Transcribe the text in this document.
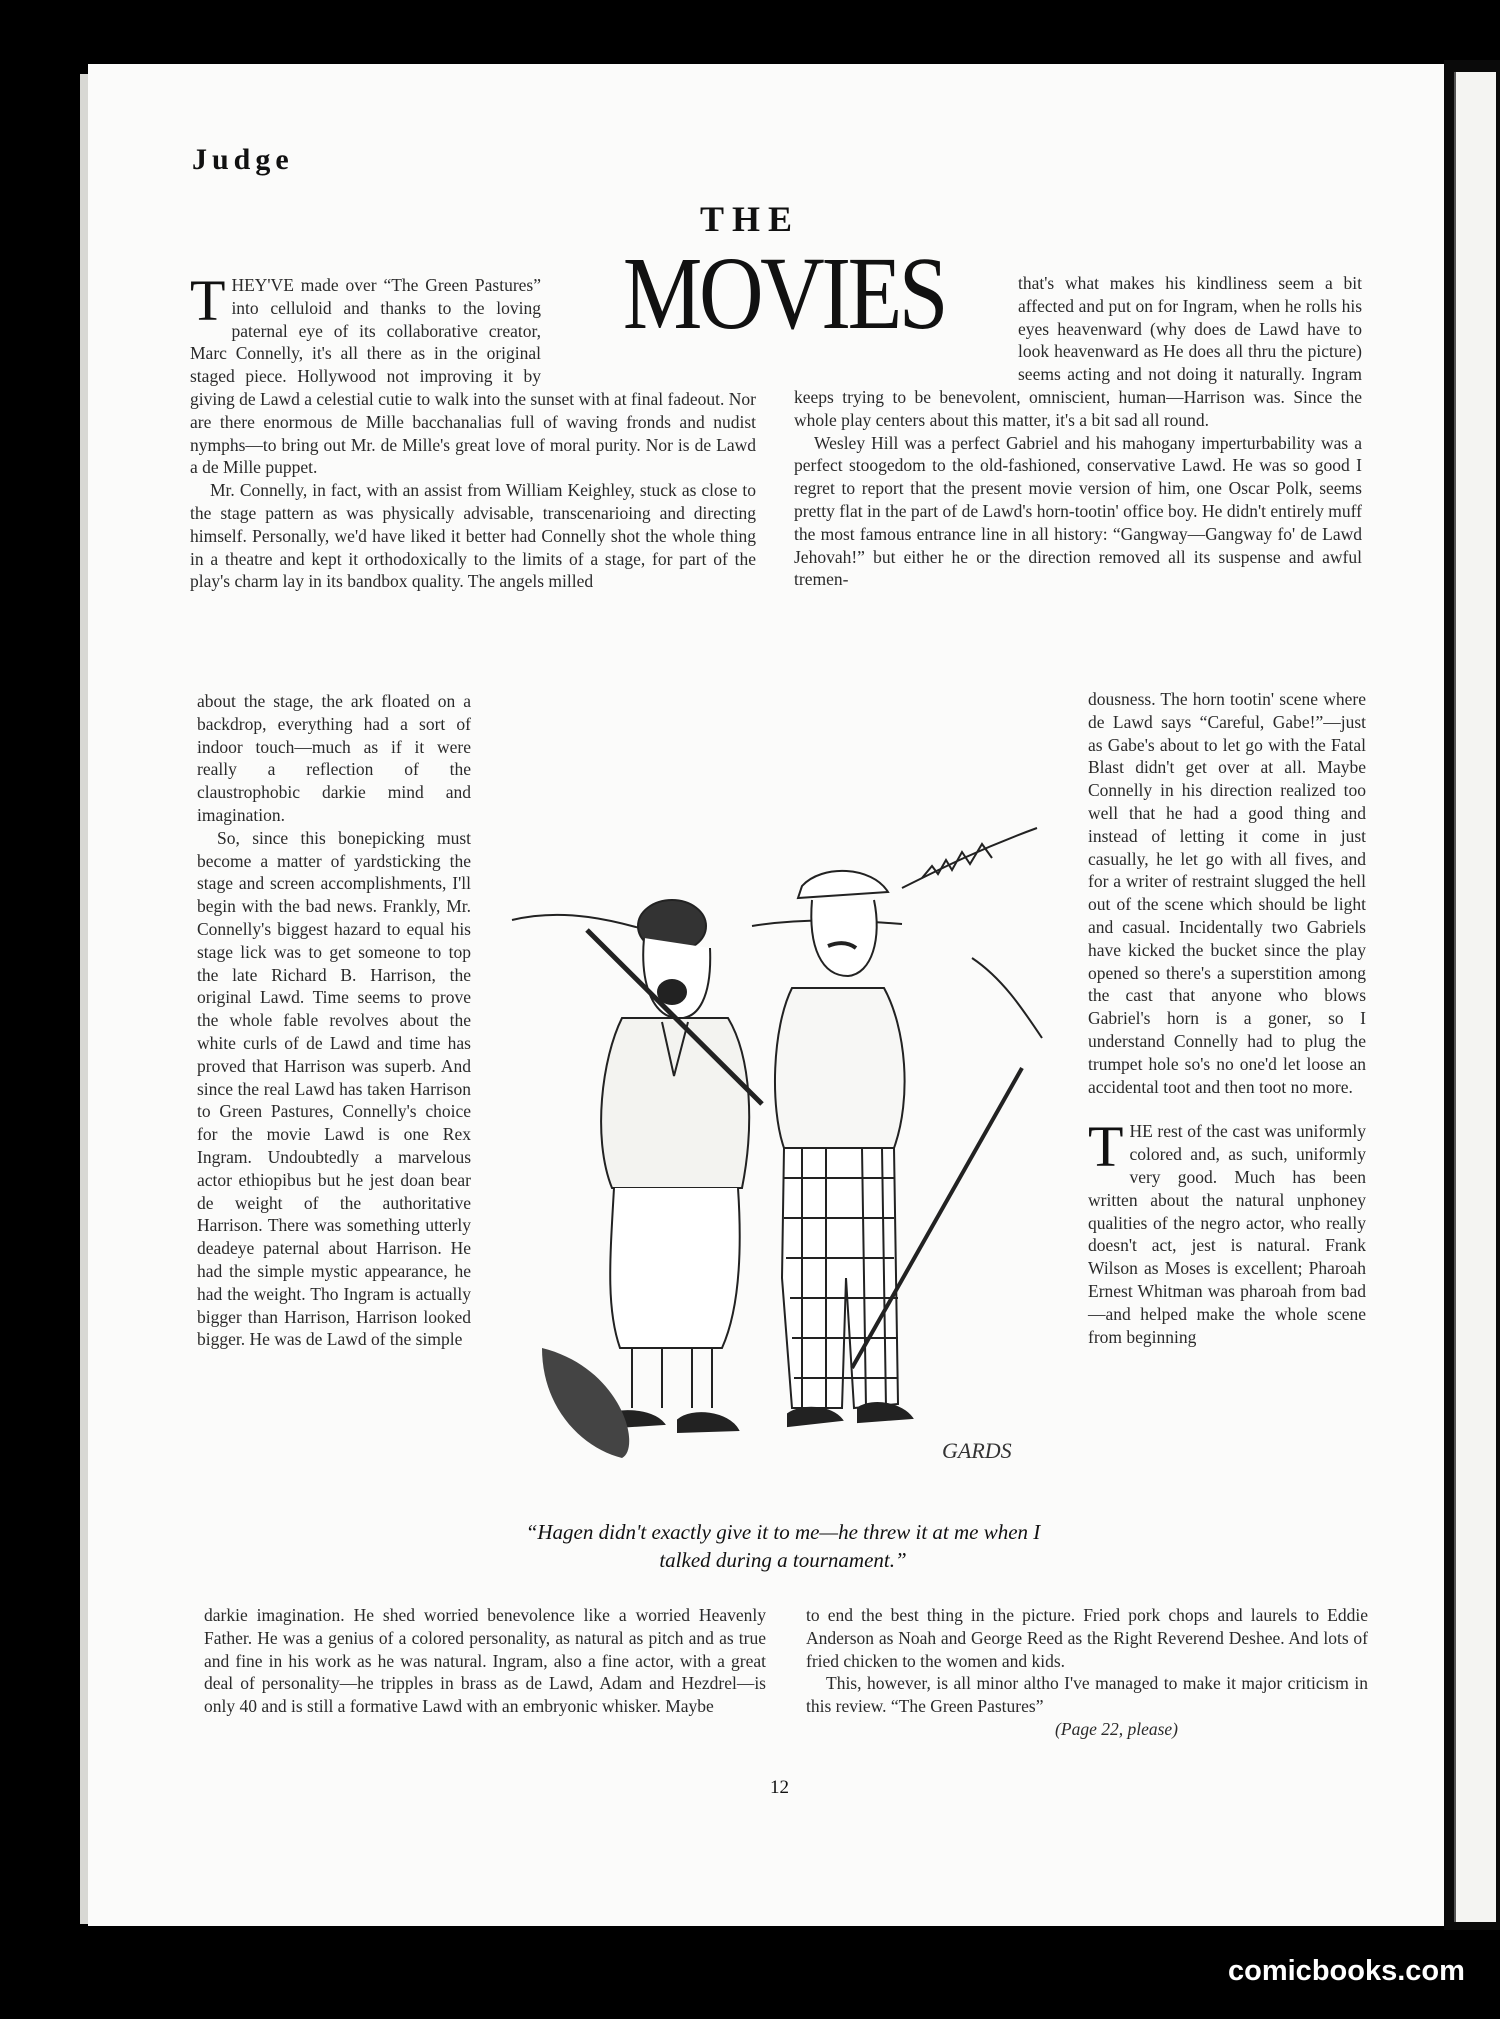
Judge
THE
MOVIES

THEY'VE made over “The Green Pastures” into celluloid and thanks to the loving paternal eye of its collaborative creator, Marc Connelly, it's all there as in the original staged piece. Hollywood not improving it by giving de Lawd a celestial cutie to walk into the sunset with at final fadeout. Nor are there enormous de Mille bacchanalias full of waving fronds and nudist nymphs—to bring out Mr. de Mille's great love of moral purity. Nor is de Lawd a de Mille puppet.

Mr. Connelly, in fact, with an assist from William Keighley, stuck as close to the stage pattern as was physically advisable, transcenarioing and directing himself. Personally, we'd have liked it better had Connelly shot the whole thing in a theatre and kept it orthodoxically to the limits of a stage, for part of the play's charm lay in its bandbox quality. The angels milled

about the stage, the ark floated on a backdrop, everything had a sort of indoor touch—much as if it were really a reflection of the claustrophobic darkie mind and imagination.

So, since this bonepicking must become a matter of yardsticking the stage and screen accomplishments, I'll begin with the bad news. Frankly, Mr. Connelly's biggest hazard to equal his stage lick was to get someone to top the late Richard B. Harrison, the original Lawd. Time seems to prove the whole fable revolves about the white curls of de Lawd and time has proved that Harrison was superb. And since the real Lawd has taken Harrison to Green Pastures, Connelly's choice for the movie Lawd is one Rex Ingram. Undoubtedly a marvelous actor ethiopibus but he jest doan bear de weight of the authoritative Harrison. There was something utterly deadeye paternal about Harrison. He had the simple mystic appearance, he had the weight. Tho Ingram is actually bigger than Harrison, Harrison looked bigger. He was de Lawd of the simple

darkie imagination. He shed worried benevolence like a worried Heavenly Father. He was a genius of a colored personality, as natural as pitch and as true and fine in his work as he was natural. Ingram, also a fine actor, with a great deal of personality—he tripples in brass as de Lawd, Adam and Hezdrel—is only 40 and is still a formative Lawd with an embryonic whisker. Maybe

that's what makes his kindliness seem a bit affected and put on for Ingram, when he rolls his eyes heavenward (why does de Lawd have to look heavenward as He does all thru the picture) seems acting and not doing it naturally. Ingram keeps trying to be benevolent, omniscient, human—Harrison was. Since the whole play centers about this matter, it's a bit sad all round.

Wesley Hill was a perfect Gabriel and his mahogany imperturbability was a perfect stoogedom to the old-fashioned, conservative Lawd. He was so good I regret to report that the present movie version of him, one Oscar Polk, seems pretty flat in the part of de Lawd's horn-tootin' office boy. He didn't entirely muff the most famous entrance line in all history: “Gangway—Gangway fo' de Lawd Jehovah!” but either he or the direction removed all its suspense and awful tremen-

dousness. The horn tootin' scene where de Lawd says “Careful, Gabe!”—just as Gabe's about to let go with the Fatal Blast didn't get over at all. Maybe Connelly in his direction realized too well that he had a good thing and instead of letting it come in just casually, he let go with all fives, and for a writer of restraint slugged the hell out of the scene which should be light and casual. Incidentally two Gabriels have kicked the bucket since the play opened so there's a superstition among the cast that anyone who blows Gabriel's horn is a goner, so I understand Connelly had to plug the trumpet hole so's no one'd let loose an accidental toot and then toot no more.

THE rest of the cast was uniformly colored and, as such, uniformly very good. Much has been written about the natural unphoney qualities of the negro actor, who really doesn't act, jest is natural. Frank Wilson as Moses is excellent; Pharoah Ernest Whitman was pharoah from bad—and helped make the whole scene from beginning

to end the best thing in the picture. Fried pork chops and laurels to Eddie Anderson as Noah and George Reed as the Right Reverend Deshee. And lots of fried chicken to the women and kids.

This, however, is all minor altho I've managed to make it major criticism in this review. “The Green Pastures”

(Page 22, please)

GARDS
“Hagen didn't exactly give it to me—he threw it at me when I talked during a tournament.”
12
comicbooks.com
